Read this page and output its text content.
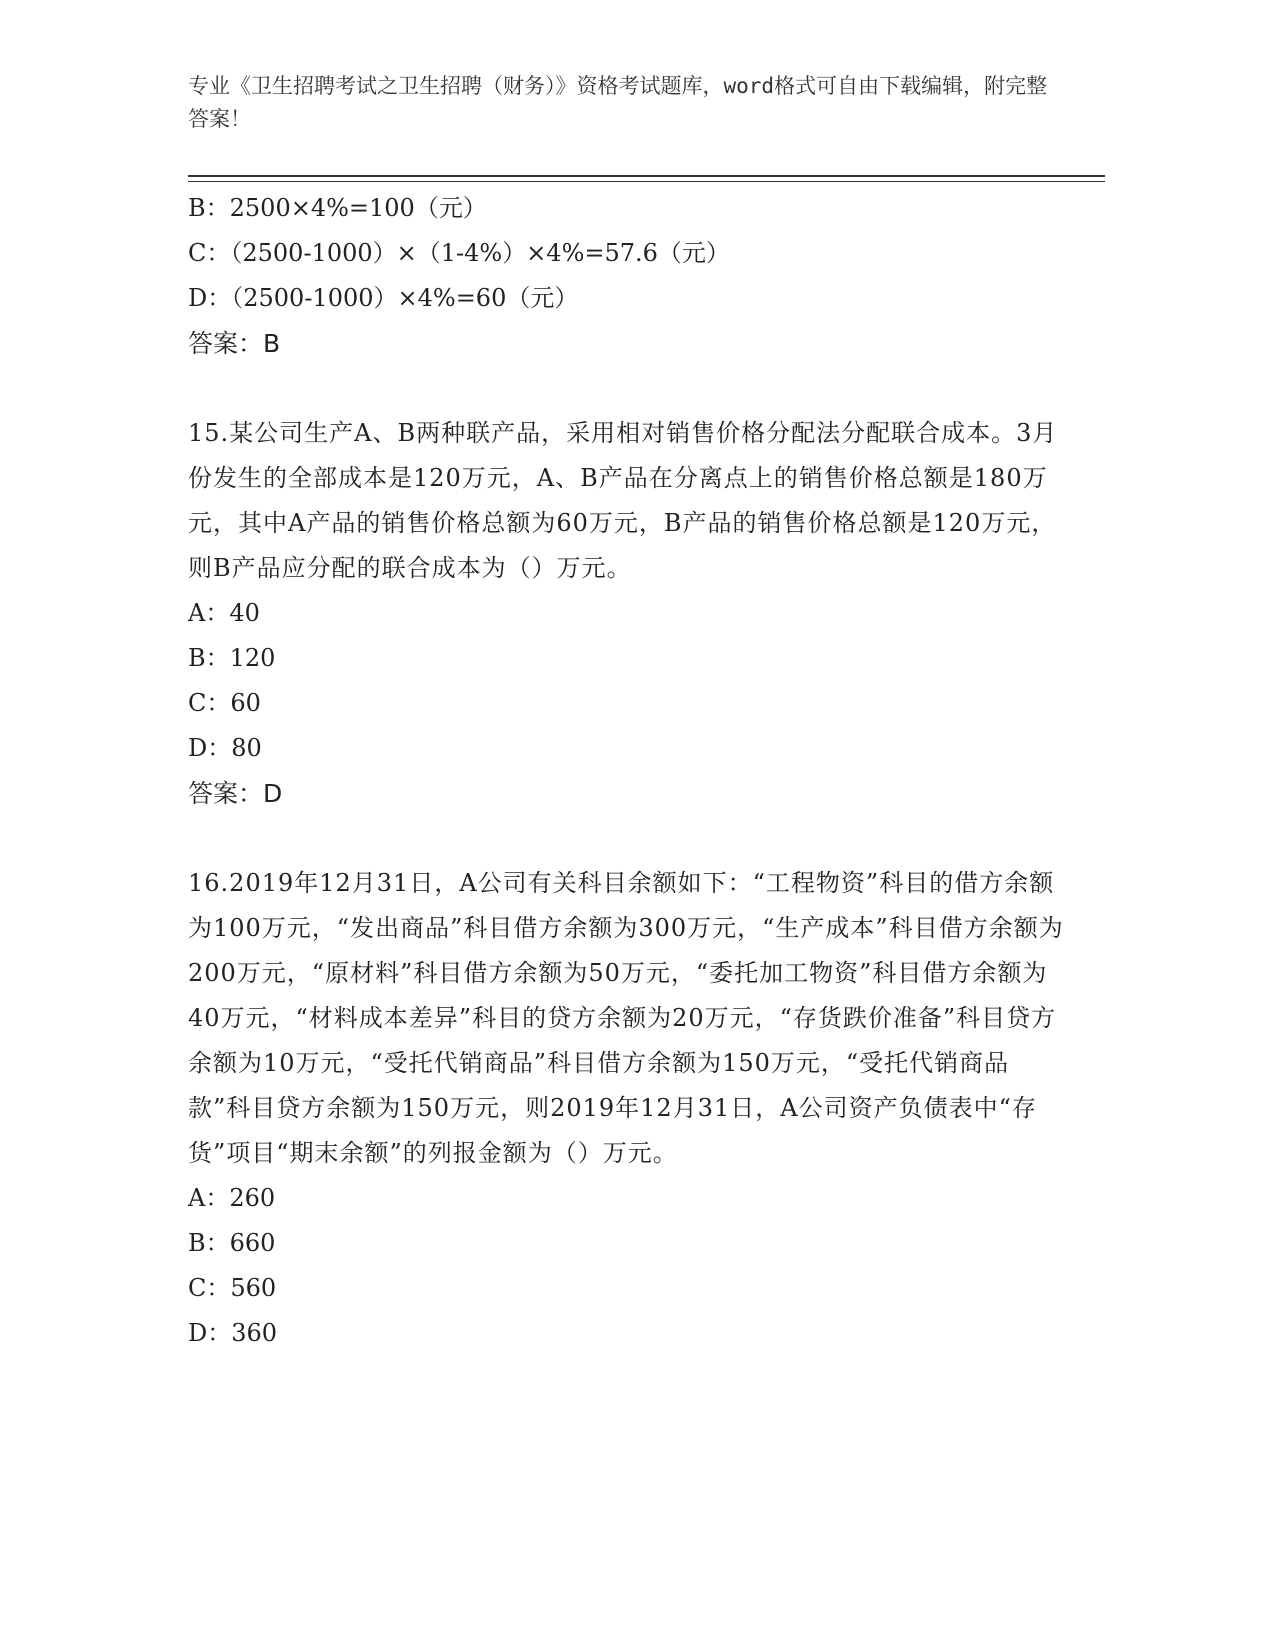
专业《卫生招聘考试之卫生招聘（财务）》资格考试题库，word格式可自由下载编辑，附完整答案！
B：2500×4%=100（元）
C：（2500-1000）×（1-4%）×4%=57.6（元）
D：（2500-1000）×4%=60（元）
答案：B
15.某公司生产A、B两种联产品，采用相对销售价格分配法分配联合成本。3月份发生的全部成本是120万元，A、B产品在分离点上的销售价格总额是180万元，其中A产品的销售价格总额为60万元，B产品的销售价格总额是120万元，则B产品应分配的联合成本为（）万元。
A：40
B：120
C：60
D：80
答案：D
16.2019年12月31日，A公司有关科目余额如下：“工程物资”科目的借方余额为100万元，“发出商品”科目借方余额为300万元，“生产成本”科目借方余额为200万元，“原材料”科目借方余额为50万元，“委托加工物资”科目借方余额为40万元，“材料成本差异”科目的贷方余额为20万元，“存货跌价准备”科目贷方余额为10万元，“受托代销商品”科目借方余额为150万元，“受托代销商品款”科目贷方余额为150万元，则2019年12月31日，A公司资产负债表中“存货”项目“期末余额”的列报金额为（）万元。
A：260
B：660
C：560
D：360
